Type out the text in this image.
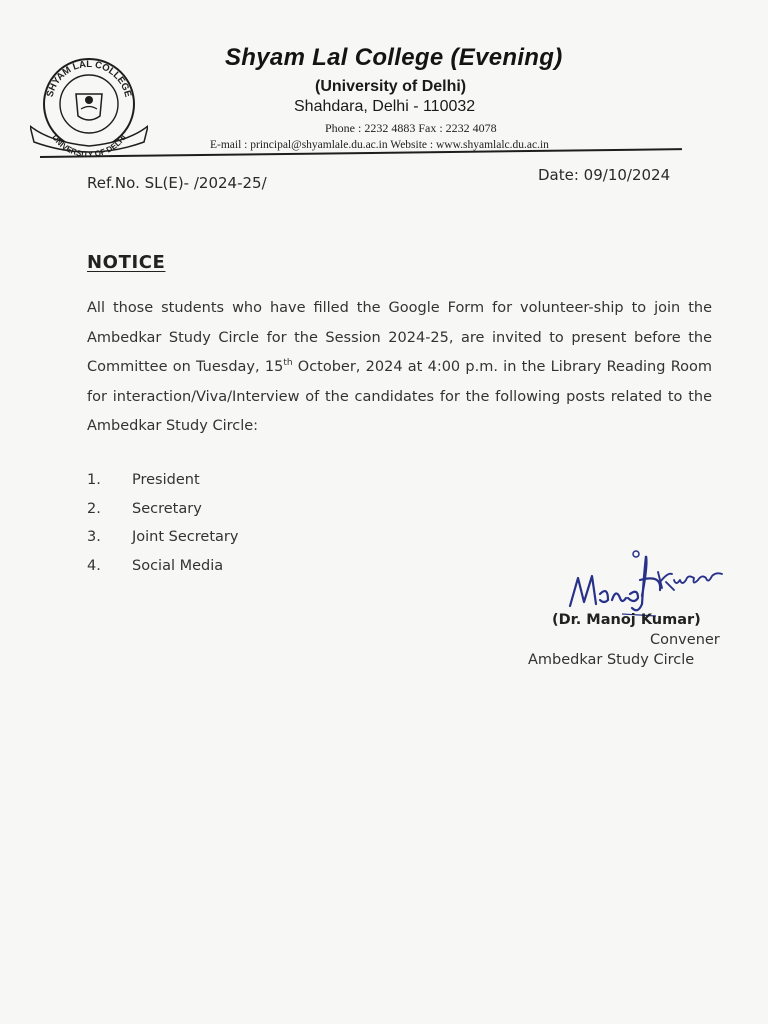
SHYAM LAL COLLEGE
UNIVERSITY OF DELHI
Shyam Lal College (Evening)
(University of Delhi)
Shahdara, Delhi - 110032
Phone : 2232 4883 Fax : 2232 4078
E-mail : principal@shyamlale.du.ac.in Website : www.shyamlalc.du.ac.in
Ref.No. SL(E)- /2024-25/	Date: 09/10/2024
NOTICE
All those students who have filled the Google Form for volunteer-ship to join the Ambedkar Study Circle for the Session 2024-25, are invited to present before the Committee on Tuesday, 15th October, 2024 at 4:00 p.m. in the Library Reading Room for interaction/Viva/Interview of the candidates for the following posts related to the Ambedkar Study Circle:
1.	President
2.	Secretary
3.	Joint Secretary
4.	Social Media
(Dr. Manoj Kumar)
Convener
Ambedkar Study Circle
